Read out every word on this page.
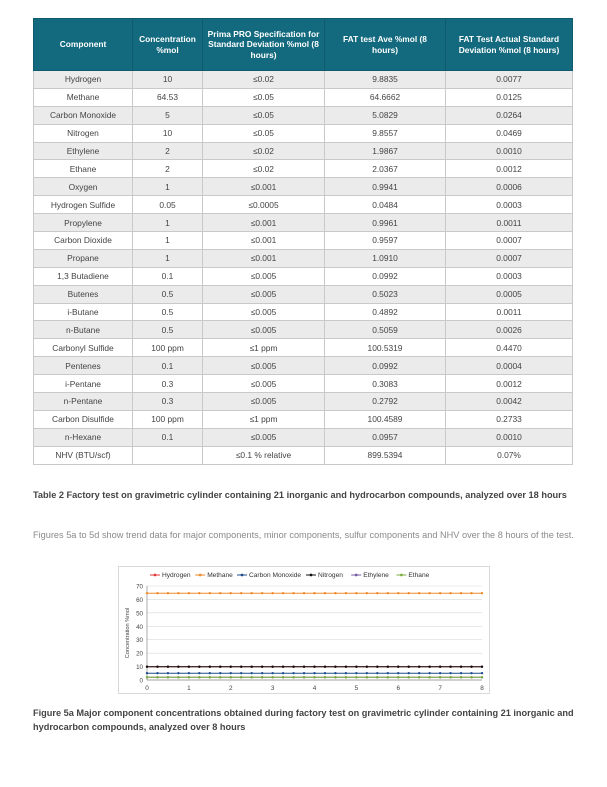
Component	Concentration %mol	Prima PRO Specification for Standard Deviation %mol (8 hours)	FAT test Ave %mol (8 hours)	FAT Test Actual Standard Deviation %mol (8 hours)
Hydrogen	10	≤0.02	9.8835	0.0077
Methane	64.53	≤0.05	64.6662	0.0125
Carbon Monoxide	5	≤0.05	5.0829	0.0264
Nitrogen	10	≤0.05	9.8557	0.0469
Ethylene	2	≤0.02	1.9867	0.0010
Ethane	2	≤0.02	2.0367	0.0012
Oxygen	1	≤0.001	0.9941	0.0006
Hydrogen Sulfide	0.05	≤0.0005	0.0484	0.0003
Propylene	1	≤0.001	0.9961	0.0011
Carbon Dioxide	1	≤0.001	0.9597	0.0007
Propane	1	≤0.001	1.0910	0.0007
1,3 Butadiene	0.1	≤0.005	0.0992	0.0003
Butenes	0.5	≤0.005	0.5023	0.0005
i-Butane	0.5	≤0.005	0.4892	0.0011
n-Butane	0.5	≤0.005	0.5059	0.0026
Carbonyl Sulfide	100 ppm	≤1 ppm	100.5319	0.4470
Pentenes	0.1	≤0.005	0.0992	0.0004
i-Pentane	0.3	≤0.005	0.3083	0.0012
n-Pentane	0.3	≤0.005	0.2792	0.0042
Carbon Disulfide	100 ppm	≤1 ppm	100.4589	0.2733
n-Hexane	0.1	≤0.005	0.0957	0.0010
NHV (BTU/scf)		≤0.1 % relative	899.5394	0.07%

Table 2 Factory test on gravimetric cylinder containing 21 inorganic and hydrocarbon compounds, analyzed over 18 hours

Figures 5a to 5d show trend data for major components, minor components, sulfur components and NHV over the 8 hours of the test.

0
10
20
30
40
50
60
70
0	1	2	3	4	5	6	7	8
Concentration %mol
Hydrogen	Methane Carbon Monoxide	Nitrogen	Ethylene	Ethane

Figure 5a Major component concentrations obtained during factory test on gravimetric cylinder containing 21 inorganic and hydrocarbon compounds, analyzed over 8 hours
